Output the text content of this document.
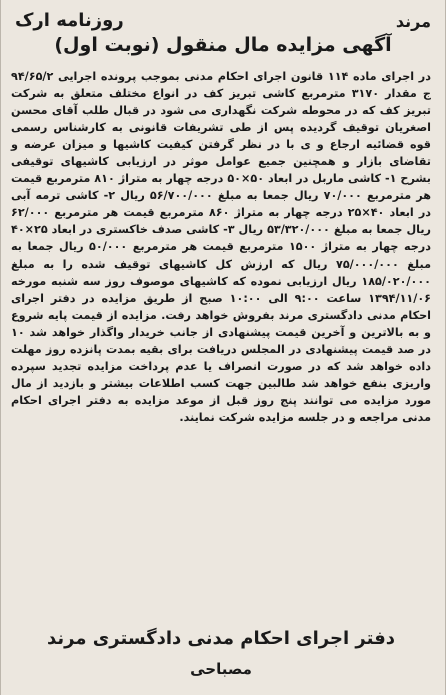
مرند
روزنامه ارک
آگهی مزایده مال منقول (نوبت اول)

در اجرای ماده ۱۱۴ قانون اجرای احکام مدنی بموجب پرونده اجرایی ۹۴/۶۵/۲ ج مقدار ۳۱۷۰ مترمربع کاشی تبریز کف در انواع مختلف متعلق به شرکت تبریز کف که در محوطه شرکت نگهداری می شود در قبال طلب آقای محسن اصغریان توقیف گردیده پس از طی تشریفات قانونی به کارشناس رسمی قوه قضائیه ارجاع و ی با در نظر گرفتن کیفیت کاشیها و میزان عرضه و تقاضای بازار و همچنین جمیع عوامل موثر در ارزیابی کاشیهای توقیفی بشرح ۱- کاشی ماربل در ابعاد ۵۰×۵۰ درجه چهار به متراژ ۸۱۰ مترمربع قیمت هر مترمربع ۷۰/۰۰۰ ریال جمعا به مبلغ ۵۶/۷۰۰/۰۰۰ ریال ۲- کاشی ترمه آبی در ابعاد ۴۰×۲۵ درجه چهار به متراژ ۸۶۰ مترمربع قیمت هر مترمربع ۶۲/۰۰۰ ریال جمعا به مبلغ ۵۳/۳۲۰/۰۰۰ ریال ۳- کاشی صدف خاکستری در ابعاد ۲۵×۴۰ درجه چهار به متراژ ۱۵۰۰ مترمربع قیمت هر مترمربع ۵۰/۰۰۰ ریال جمعا به مبلغ ۷۵/۰۰۰/۰۰۰ ریال که ارزش کل کاشیهای توقیف شده را به مبلغ ۱۸۵/۰۲۰/۰۰۰ ریال ارزیابی نموده که کاشیهای موصوف روز سه شنبه مورخه ۱۳۹۴/۱۱/۰۶ ساعت ۹:۰۰ الی ۱۰:۰۰ صبح از طریق مزایده در دفتر اجرای احکام مدنی دادگستری مرند بفروش خواهد رفت. مزایده از قیمت پایه شروع و به بالاترین و آخرین قیمت پیشنهادی از جانب خریدار واگذار خواهد شد ۱۰ در صد قیمت پیشنهادی در المجلس دریافت برای بقیه بمدت پانزده روز مهلت داده خواهد شد که در صورت انصراف یا عدم پرداخت مزایده تجدید سپرده واریزی بنفع خواهد شد طالبین جهت کسب اطلاعات بیشتر و بازدید از مال مورد مزایده می توانند پنج روز قبل از موعد مزایده به دفتر اجرای احکام مدنی مراجعه و در جلسه مزایده شرکت نمایند.

دفتر اجرای احکام مدنی دادگستری مرند
مصباحی
